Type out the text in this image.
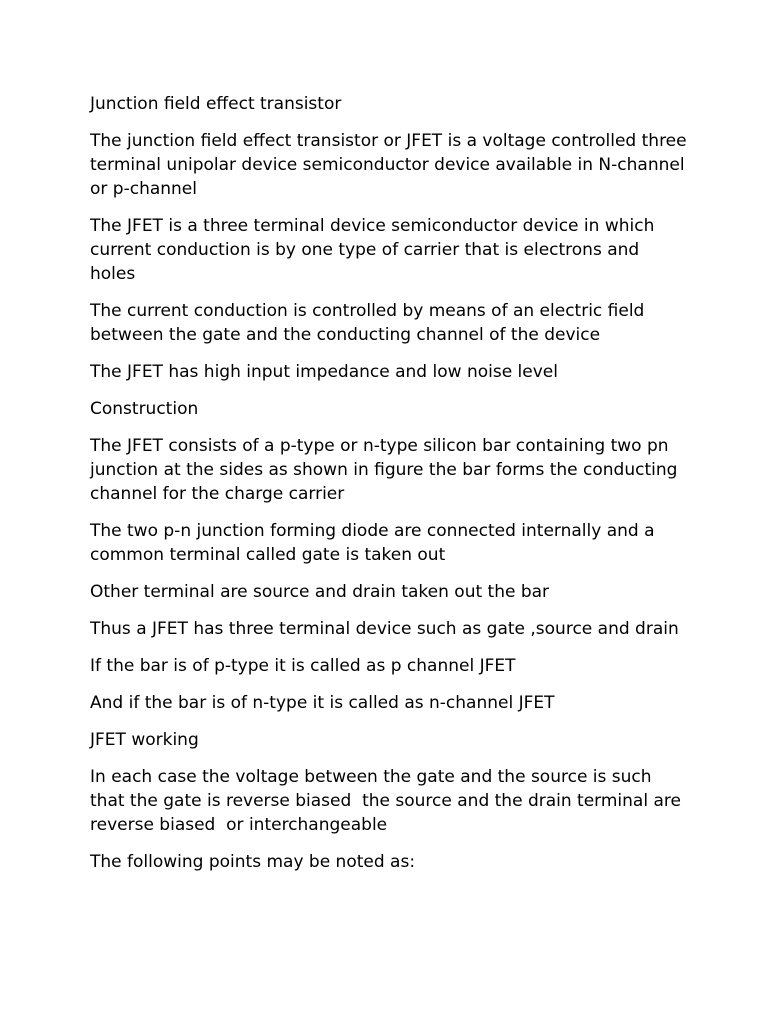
Junction field effect transistor

The junction field effect transistor or JFET is a voltage controlled three terminal unipolar device semiconductor device available in N-channel or p-channel

The JFET is a three terminal device semiconductor device in which current conduction is by one type of carrier that is electrons and holes

The current conduction is controlled by means of an electric field between the gate and the conducting channel of the device

The JFET has high input impedance and low noise level

Construction

The JFET consists of a p-type or n-type silicon bar containing two pn junction at the sides as shown in figure the bar forms the conducting channel for the charge carrier

The two p-n junction forming diode are connected internally and a common terminal called gate is taken out

Other terminal are source and drain taken out the bar

Thus a JFET has three terminal device such as gate ,source and drain

If the bar is of p-type it is called as p channel JFET

And if the bar is of n-type it is called as n-channel JFET

JFET working

In each case the voltage between the gate and the source is such that the gate is reverse biased  the source and the drain terminal are reverse biased  or interchangeable

The following points may be noted as:
